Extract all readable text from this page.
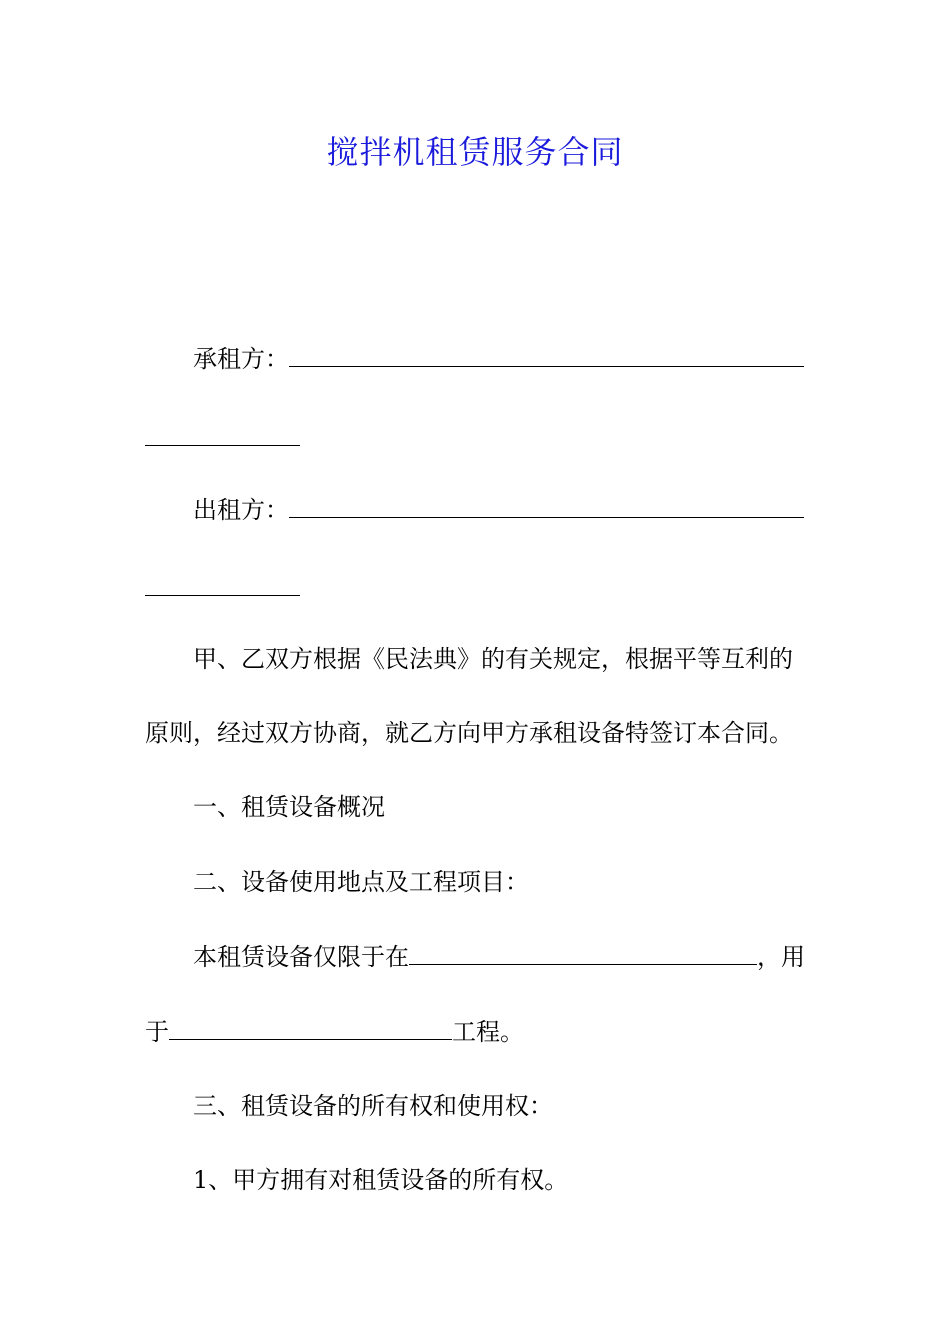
搅拌机租赁服务合同
承租方：
出租方：
甲、乙双方根据《民法典》的有关规定，根据平等互利的
原则，经过双方协商，就乙方向甲方承租设备特签订本合同。
一、租赁设备概况
二、设备使用地点及工程项目：
本租赁设备仅限于在	，用
于	工程。
三、租赁设备的所有权和使用权：
1、甲方拥有对租赁设备的所有权。
